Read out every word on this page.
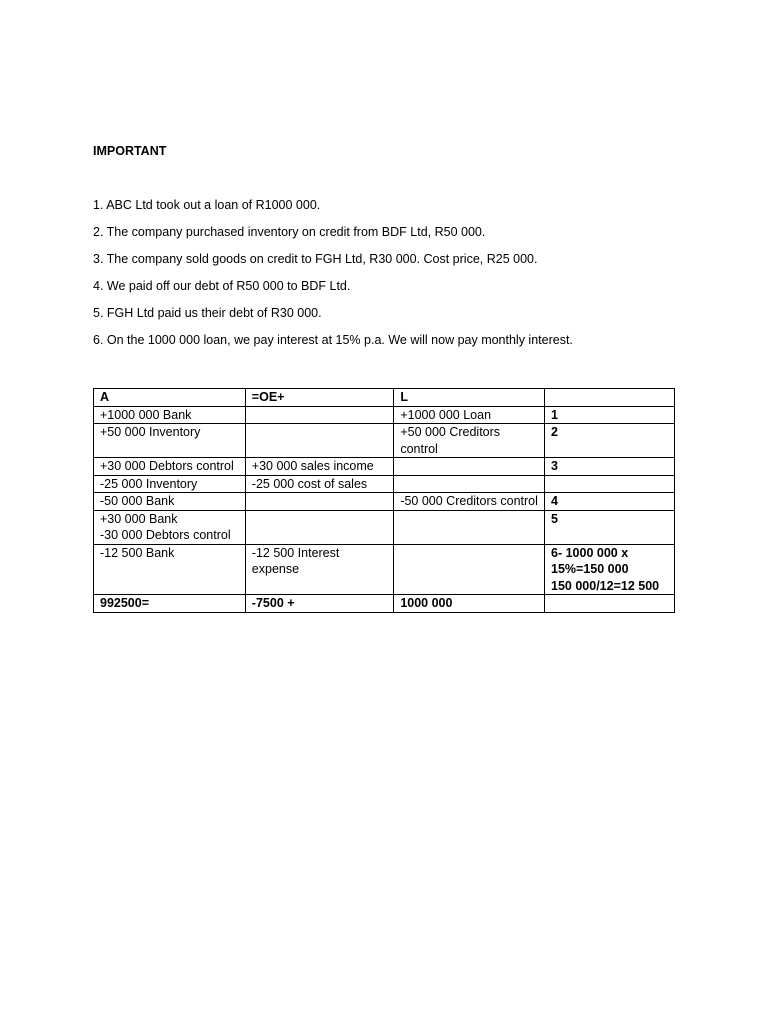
IMPORTANT
1. ABC Ltd took out a loan of R1000 000.
2. The company purchased inventory on credit from BDF Ltd, R50 000.
3. The company sold goods on credit to FGH Ltd, R30 000. Cost price, R25 000.
4. We paid off our debt of R50 000 to BDF Ltd.
5. FGH Ltd paid us their debt of R30 000.
6. On the 1000 000 loan, we pay interest at 15% p.a. We will now pay monthly interest.
A	=OE+	L	
+1000 000 Bank		+1000 000 Loan	1
+50 000 Inventory		+50 000 Creditors control	2
+30 000 Debtors control	+30 000 sales income		3
-25 000 Inventory	-25 000 cost of sales		
-50 000 Bank		-50 000 Creditors control	4
+30 000 Bank
-30 000 Debtors control			5
-12 500 Bank	-12 500 Interest expense		6- 1000 000 x 15%=150 000
150 000/12=12 500
992500=	-7500 +	1000 000	
